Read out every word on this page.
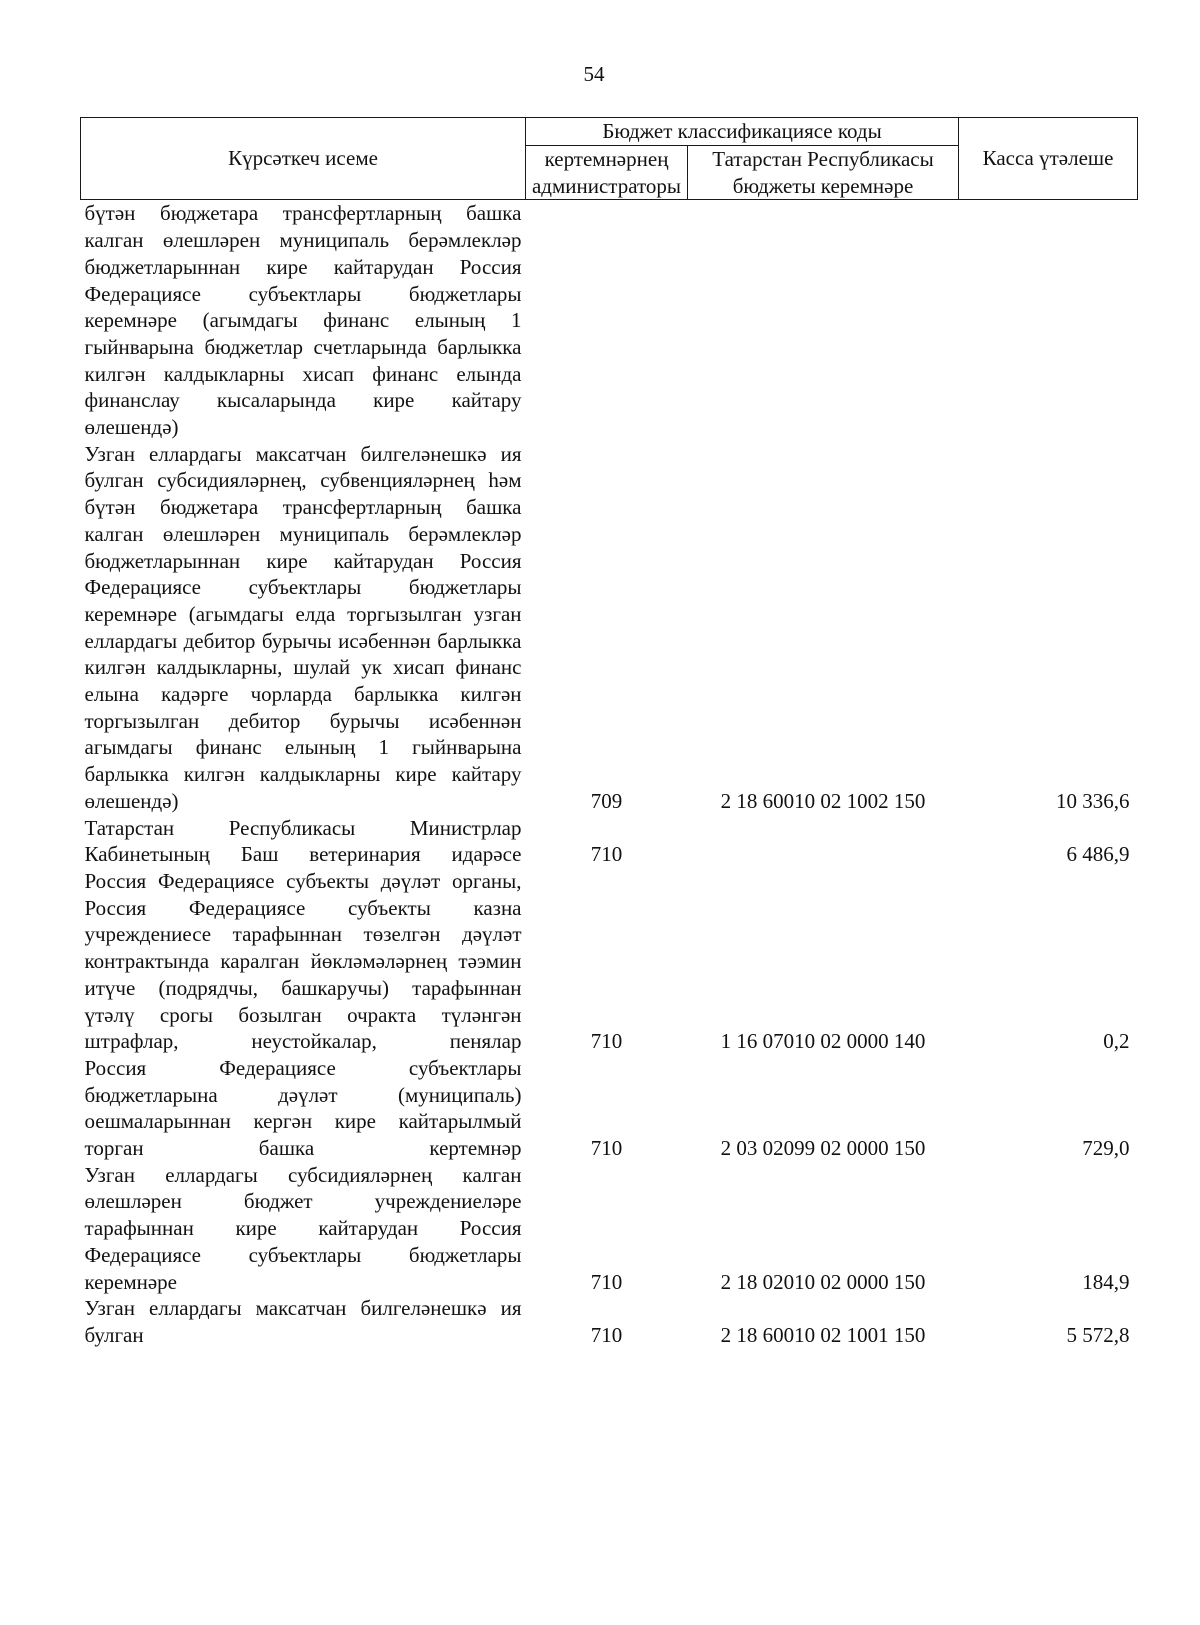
54
Күрсәткеч исеме	Бюджет классификациясе коды		Касса үтәлеше
	кертемнәрнең администраторы	Татарстан Республикасы бюджеты керемнәре	
бүтән бюджетара трансфертларның башка калган өлешләрен муниципаль берәмлекләр бюджетларыннан кире кайтарудан Россия Федерациясе субъектлары бюджетлары керемнәре (агымдагы финанс елының 1 гыйнварына бюджетлар счетларында барлыкка килгән калдыкларны хисап финанс елында финанслау кысаларында кире кайтару өлешендә)			
Узган еллардагы максатчан билгеләнешкә ия булган субсидияләрнең, субвенцияләрнең һәм бүтән бюджетара трансфертларның башка калган өлешләрен муниципаль берәмлекләр бюджетларыннан кире кайтарудан Россия Федерациясе субъектлары бюджетлары керемнәре (агымдагы елда торгызылган узган еллардагы дебитор бурычы исәбеннән барлыкка килгән калдыкларны, шулай ук хисап финанс елына кадәрге чорларда барлыкка килгән торгызылган дебитор бурычы исәбеннән агымдагы финанс елының 1 гыйнварына барлыкка килгән калдыкларны кире кайтару өлешендә)	709	2 18 60010 02 1002 150	10 336,6
Татарстан Республикасы Министрлар Кабинетының Баш ветеринария идарәсе	710		6 486,9
Россия Федерациясе субъекты дәүләт органы, Россия Федерациясе субъекты казна учреждениесе тарафыннан төзелгән дәүләт контрактында каралган йөкләмәләрнең тәэмин итүче (подрядчы, башкаручы) тарафыннан үтәлү срогы бозылган очракта түләнгән штрафлар, неустойкалар, пенялар	710	1 16 07010 02 0000 140	0,2
Россия Федерациясе субъектлары бюджетларына дәүләт (муниципаль) оешмаларыннан кергән кире кайтарылмый торган башка кертемнәр	710	2 03 02099 02 0000 150	729,0
Узган еллардагы субсидияләрнең калган өлешләрен бюджет учреждениеләре тарафыннан кире кайтарудан Россия Федерациясе субъектлары бюджетлары керемнәре	710	2 18 02010 02 0000 150	184,9
Узган еллардагы максатчан билгеләнешкә ия булган	710	2 18 60010 02 1001 150	5 572,8
